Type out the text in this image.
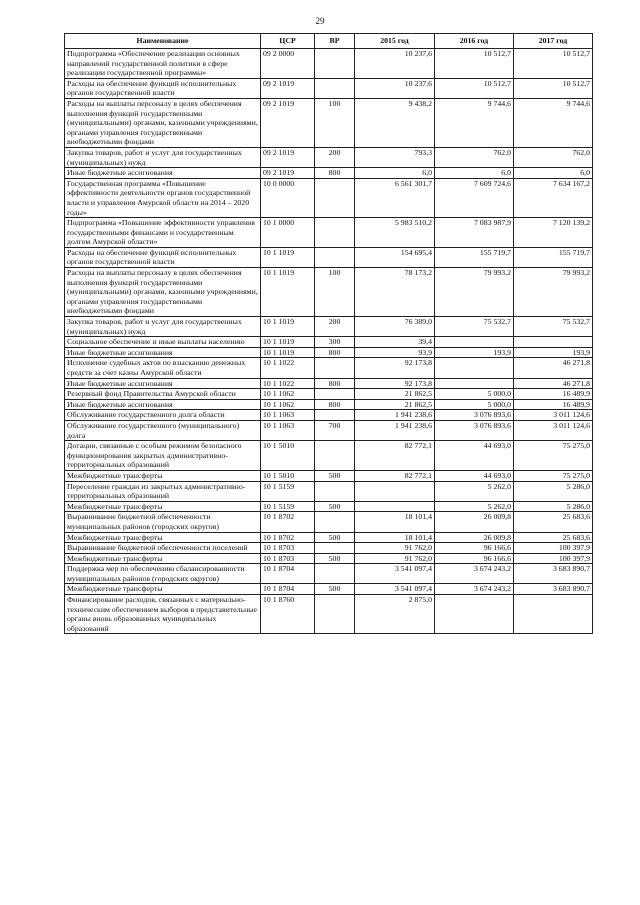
29
Наименование	ЦСР	ВР	2015 год	2016 год	2017 год
Подпрограмма «Обеспечение реализации основных направлений государственной политики в сфере реализации государственной программы»	09 2 0000		10 237,6	10 512,7	10 512,7
Расходы на обеспечение функций исполнительных органов государственной власти	09 2 1019		10 237,6	10 512,7	10 512,7
Расходы на выплаты персоналу в целях обеспечения выполнения функций государственными (муниципальными) органами, казенными учреждениями, органами управления государственными внебюджетными фондами	09 2 1019	100	9 438,2	9 744,6	9 744,6
Закупка товаров, работ и услуг для государственных (муниципальных) нужд	09 2 1019	200	793,3	762,0	762,0
Иные бюджетные ассигнования	09 2 1019	800	6,0	6,0	6,0
Государственная программа «Повышение эффективности деятельности органов государственной власти и управления Амурской области на 2014 – 2020 годы»	10 0 0000		6 561 301,7	7 609 724,6	7 634 167,2
Подпрограмма «Повышение эффективности управления государственными финансами и государственным долгом Амурской области»	10 1 0000		5 983 510,2	7 083 987,9	7 120 139,2
Расходы на обеспечение функций исполнительных органов государственной власти	10 1 1019		154 695,4	155 719,7	155 719,7
Расходы на выплаты персоналу в целях обеспечения выполнения функций государственными (муниципальными) органами, казенными учреждениями, органами управления государственными внебюджетными фондами	10 1 1019	100	78 173,2	79 993,2	79 993,2
Закупка товаров, работ и услуг для государственных (муниципальных) нужд	10 1 1019	200	76 389,0	75 532,7	75 532,7
Социальное обеспечение и иные выплаты населению	10 1 1019	300	39,4		
Иные бюджетные ассигнования	10 1 1019	800	93,9	193,9	193,9
Исполнение судебных актов по взысканию денежных средств за счет казны Амурской области	10 1 1022		92 173,8		46 271,8
Иные бюджетные ассигнования	10 1 1022	800	92 173,8		46 271,8
Резервный фонд Правительства Амурской области	10 1 1062		21 862,5	5 000,0	16 489,9
Иные бюджетные ассигнования	10 1 1062	800	21 862,5	5 000,0	16 489,9
Обслуживание государственного долга области	10 1 1063		1 941 238,6	3 076 893,6	3 011 124,6
Обслуживание государственного (муниципального) долга	10 1 1063	700	1 941 238,6	3 076 893,6	3 011 124,6
Дотации, связанные с особым режимом безопасного функционирования закрытых административно-территориальных образований	10 1 5010		82 772,1	44 693,0	75 275,0
Межбюджетные трансферты	10 1 5010	500	82 772,1	44 693,0	75 275,0
Переселение граждан из закрытых административно-территориальных образований	10 1 5159			5 262,0	5 286,0
Межбюджетные трансферты	10 1 5159	500		5 262,0	5 286,0
Выравнивание бюджетной обеспеченности муниципальных районов (городских округов)	10 1 8702		18 101,4	26 009,8	25 683,6
Межбюджетные трансферты	10 1 8702	500	18 101,4	26 009,8	25 683,6
Выравнивание бюджетной обеспеченности поселений	10 1 8703		91 762,0	96 166,6	100 397,9
Межбюджетные трансферты	10 1 8703	500	91 762,0	96 166,6	100 397,9
Поддержка мер по обеспечению сбалансированности муниципальных районов (городских округов)	10 1 8704		3 541 097,4	3 674 243,2	3 683 890,7
Межбюджетные трансферты	10 1 8704	500	3 541 097,4	3 674 243,2	3 683 890,7
Финансирование расходов, связанных с материально-техническим обеспечением выборов в представительные органы вновь образованных муниципальных образований	10 1 8760		2 875,0		
